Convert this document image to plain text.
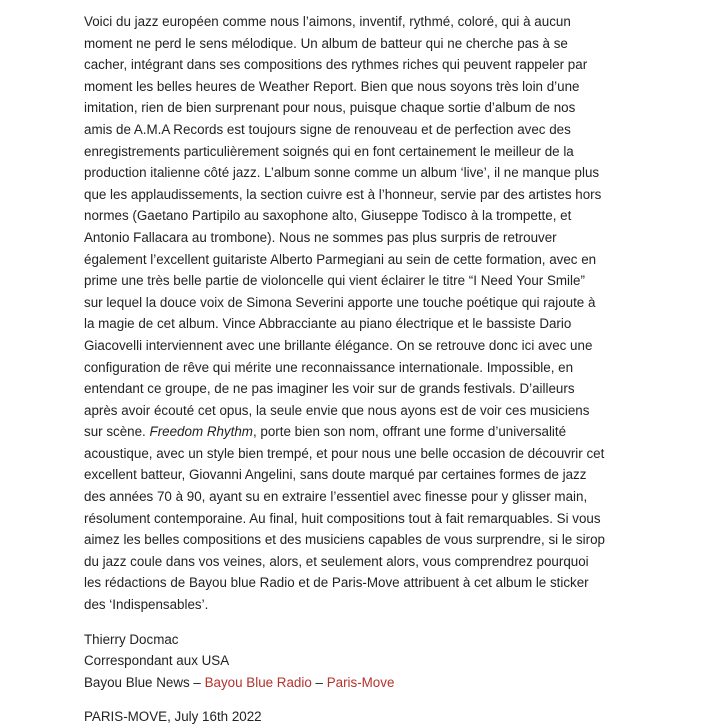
Voici du jazz européen comme nous l’aimons, inventif, rythmé, coloré, qui à aucun moment ne perd le sens mélodique. Un album de batteur qui ne cherche pas à se cacher, intégrant dans ses compositions des rythmes riches qui peuvent rappeler par moment les belles heures de Weather Report. Bien que nous soyons très loin d’une imitation, rien de bien surprenant pour nous, puisque chaque sortie d’album de nos amis de A.M.A Records est toujours signe de renouveau et de perfection avec des enregistrements particulièrement soignés qui en font certainement le meilleur de la production italienne côté jazz. L’album sonne comme un album ‘live’, il ne manque plus que les applaudissements, la section cuivre est à l’honneur, servie par des artistes hors normes (Gaetano Partipilo au saxophone alto, Giuseppe Todisco à la trompette, et Antonio Fallacara au trombone). Nous ne sommes pas plus surpris de retrouver également l’excellent guitariste Alberto Parmegiani au sein de cette formation, avec en prime une très belle partie de violoncelle qui vient éclairer le titre “I Need Your Smile” sur lequel la douce voix de Simona Severini apporte une touche poétique qui rajoute à la magie de cet album. Vince Abbracciante au piano électrique et le bassiste Dario Giacovelli interviennent avec une brillante élégance. On se retrouve donc ici avec une configuration de rêve qui mérite une reconnaissance internationale. Impossible, en entendant ce groupe, de ne pas imaginer les voir sur de grands festivals. D’ailleurs après avoir écouté cet opus, la seule envie que nous ayons est de voir ces musiciens sur scène. Freedom Rhythm, porte bien son nom, offrant une forme d’universalité acoustique, avec un style bien trempé, et pour nous une belle occasion de découvrir cet excellent batteur, Giovanni Angelini, sans doute marqué par certaines formes de jazz des années 70 à 90, ayant su en extraire l’essentiel avec finesse pour y glisser main, résolument contemporaine. Au final, huit compositions tout à fait remarquables. Si vous aimez les belles compositions et des musiciens capables de vous surprendre, si le sirop du jazz coule dans vos veines, alors, et seulement alors, vous comprendrez pourquoi les rédactions de Bayou blue Radio et de Paris-Move attribuent à cet album le sticker des ‘Indispensables’.

Thierry Docmac
Correspondant aux USA
Bayou Blue News – Bayou Blue Radio – Paris-Move

PARIS-MOVE, July 16th 2022
